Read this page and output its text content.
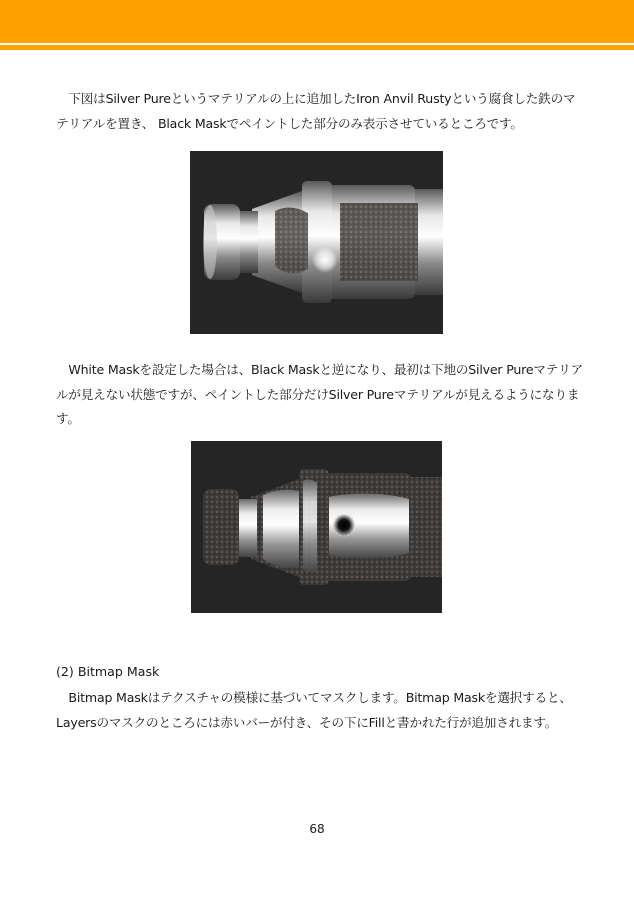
　下図はSilver Pureというマテリアルの上に追加したIron Anvil Rustyという腐食した鉄のマテリアルを置き、 Black Maskでペイントした部分のみ表示させているところです。
　White Maskを設定した場合は、Black Maskと逆になり、最初は下地のSilver Pureマテリアルが見えない状態ですが、ペイントした部分だけSilver Pureマテリアルが見えるようになります。
(2) Bitmap Mask
　Bitmap Maskはテクスチャの模様に基づいてマスクします。Bitmap Maskを選択すると、Layersのマスクのところには赤いバーが付き、その下にFillと書かれた行が追加されます。
68
